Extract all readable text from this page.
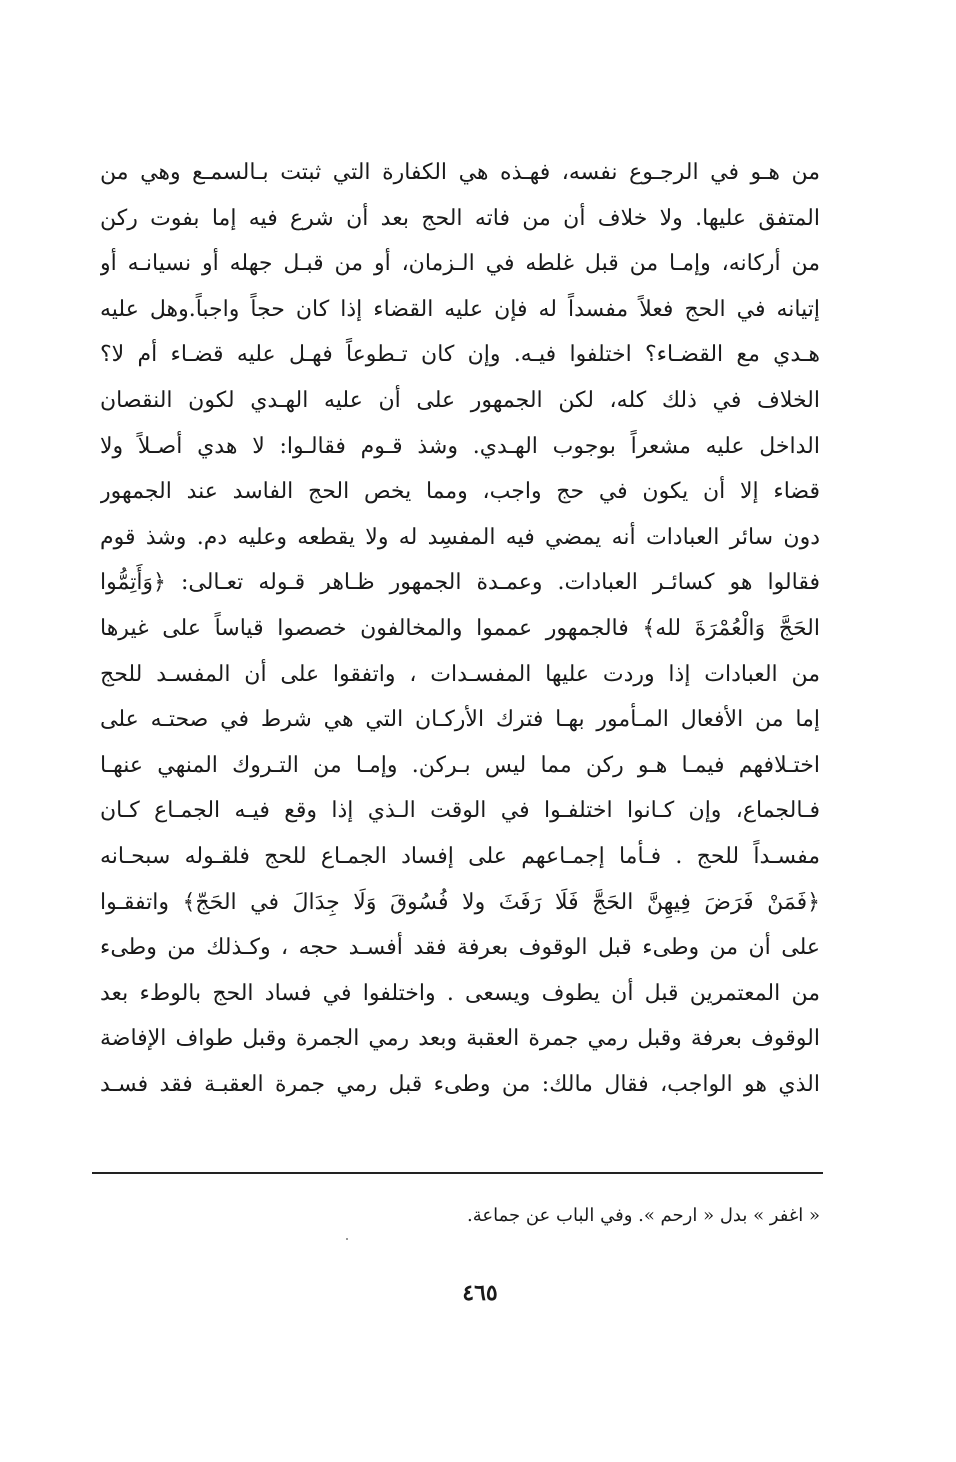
من هـو في الرجـوع نفسه، فهـذه هي الكفارة التي ثبتت بـالسمـع وهي من
المتفق عليها. ولا خلاف أن من فاته الحج بعد أن شرع فيه إما بفوت ركن
من أركانه، وإمـا من قبل غلطه في الـزمان، أو من قبـل جهله أو نسيانـه أو
إتيانه في الحج فعلاً مفسداً له فإن عليه القضاء إذا كان حجاً واجباً.وهل عليه
هـدي مع القضـاء؟ اختلفوا فيـه. وإن كان تـطوعاً فهـل عليه قضـاء أم لا؟
الخلاف في ذلك كله، لكن الجمهور على أن عليه الهـدي لكون النقصان
الداخل عليه مشعراً بوجوب الهـدي. وشذ قـوم فقالـوا: لا هدي أصـلاً ولا
قضاء إلا أن يكون في حج واجب، ومما يخص الحج الفاسد عند الجمهور
دون سائر العبادات أنه يمضي فيه المفسِد له ولا يقطعه وعليه دم. وشذ قوم
فقالوا هو كسائـر العبادات. وعمـدة الجمهور ظـاهر قـوله تعـالى: ﴿وَأَتِمُّوا
الحَجَّ وَالْعُمْرَةَ لله﴾ فالجمهور عمموا والمخالفون خصصوا قياساً على غيرها
من العبادات إذا وردت عليها المفسـدات ، واتفقوا على أن المفسـد للحج
إما من الأفعال المـأمور بهـا فترك الأركـان التي هي شرط في صحتـه على
اختـلافهم فيمـا هـو ركن مما ليس بـركن. وإمـا من التـروك المنهي عنهـا
فـالجماع، وإن كـانوا اختلفـوا في الوقت الـذي إذا وقع فيـه الجمـاع كـان
مفسـداً للحج . فـأما إجمـاعهم على إفساد الجمـاع للحج فلقـوله سبحـانه
﴿فَمَنْ فَرَضَ فِيهِنَّ الحَجَّ فَلَا رَفَثَ ولا فُسُوقَ وَلَا جِدَالَ في الحَجّ﴾ واتفقـوا
على أن من وطىء قبل الوقوف بعرفة فقد أفسـد حجه ، وكـذلك من وطىء
من المعتمرين قبل أن يطوف ويسعى . واختلفوا في فساد الحج بالوطء بعد
الوقوف بعرفة وقبل رمي جمرة العقبة وبعد رمي الجمرة وقبل طواف الإفاضة
الذي هو الواجب، فقال مالك: من وطىء قبل رمي جمرة العقبـة فقد فسـد
« اغفر » بدل « ارحم ». وفي الباب عن جماعة.
٤٦٥
